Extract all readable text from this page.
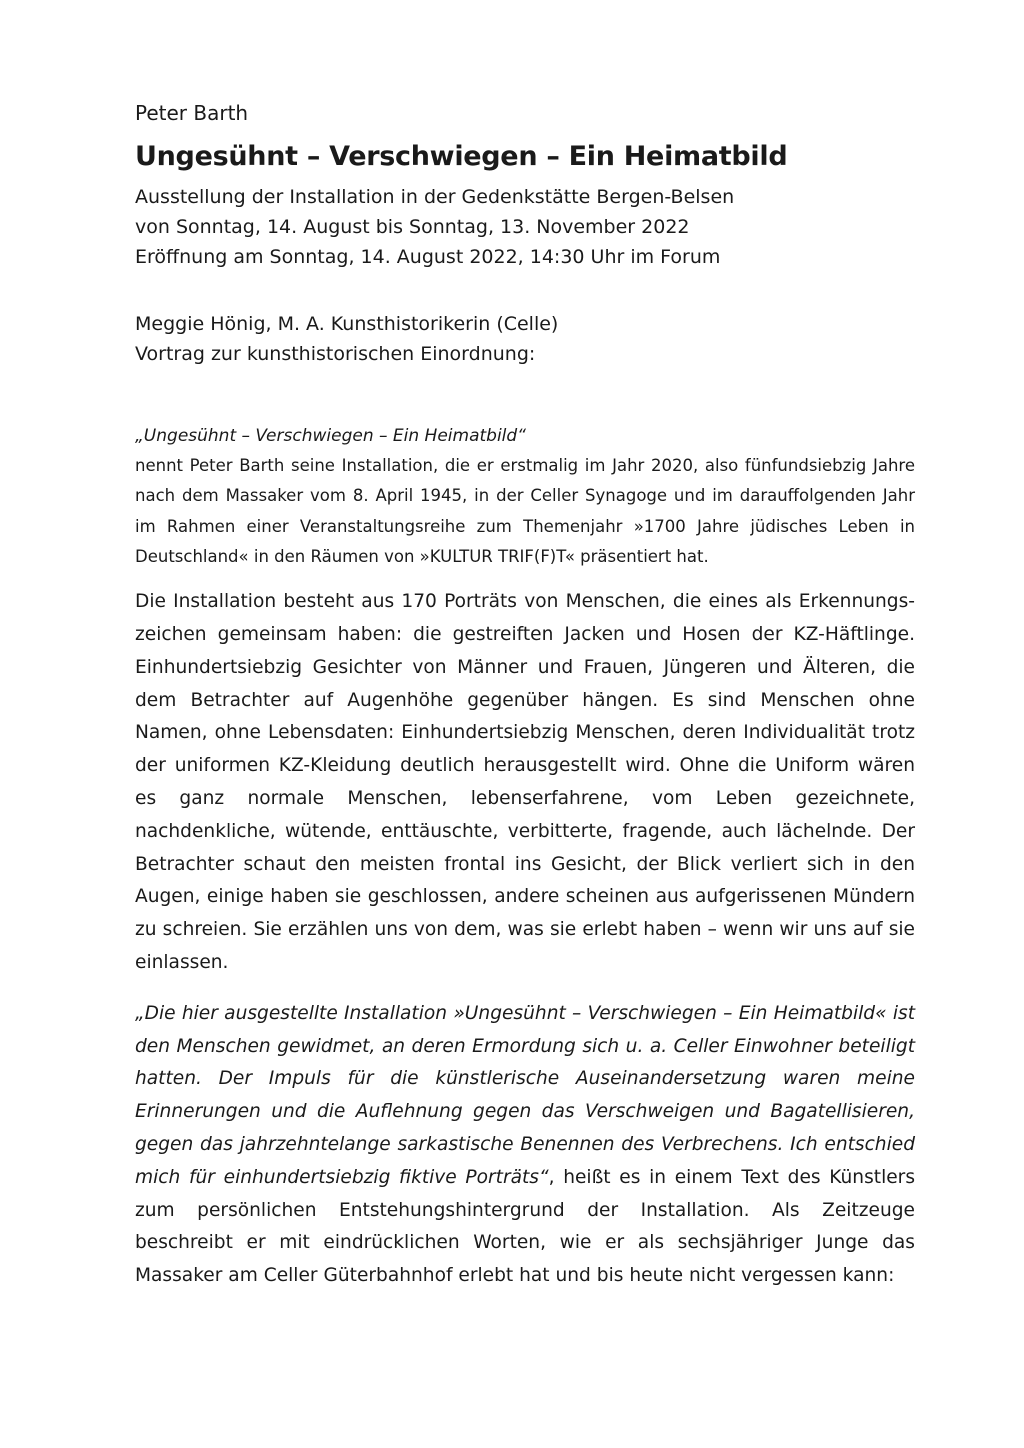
Peter Barth
Ungesühnt – Verschwiegen – Ein Heimatbild
Ausstellung der Installation in der Gedenkstätte Bergen-Belsen
von Sonntag, 14. August bis Sonntag, 13. November 2022
Eröffnung am Sonntag, 14. August 2022, 14:30 Uhr im Forum
Meggie Hönig, M. A. Kunsthistorikerin (Celle)
Vortrag zur kunsthistorischen Einordnung:
„Ungesühnt – Verschwiegen – Ein Heimatbild“

nennt Peter Barth seine Installation, die er erstmalig im Jahr 2020, also fünfundsiebzig Jahre nach dem Massaker vom 8. April 1945, in der Celler Synagoge und im darauffolgenden Jahr im Rahmen einer Veranstaltungsreihe zum Themenjahr »1700 Jahre jüdisches Leben in Deutschland« in den Räumen von »KULTUR TRIF(F)T« präsentiert hat.

Die Installation besteht aus 170 Porträts von Menschen, die eines als Erkennungs-zeichen gemeinsam haben: die gestreiften Jacken und Hosen der KZ-Häftlinge. Einhundertsiebzig Gesichter von Männer und Frauen, Jüngeren und Älteren, die dem Betrachter auf Augenhöhe gegenüber hängen. Es sind Menschen ohne Namen, ohne Lebensdaten: Einhundertsiebzig Menschen, deren Individualität trotz der uniformen KZ-Kleidung deutlich herausgestellt wird. Ohne die Uniform wären es ganz normale Menschen, lebenserfahrene, vom Leben gezeichnete, nachdenkliche, wütende, enttäuschte, verbitterte, fragende, auch lächelnde. Der Betrachter schaut den meisten frontal ins Gesicht, der Blick verliert sich in den Augen, einige haben sie geschlossen, andere scheinen aus aufgerissenen Mündern zu schreien. Sie erzählen uns von dem, was sie erlebt haben – wenn wir uns auf sie einlassen.

„Die hier ausgestellte Installation »Ungesühnt – Verschwiegen – Ein Heimatbild« ist den Menschen gewidmet, an deren Ermordung sich u. a. Celler Einwohner beteiligt hatten. Der Impuls für die künstlerische Auseinandersetzung waren meine Erinnerungen und die Auflehnung gegen das Verschweigen und Bagatellisieren, gegen das jahrzehntelange sarkastische Benennen des Verbrechens. Ich entschied mich für einhundertsiebzig fiktive Porträts“, heißt es in einem Text des Künstlers zum persönlichen Entstehungshintergrund der Installation. Als Zeitzeuge beschreibt er mit eindrücklichen Worten, wie er als sechsjähriger Junge das Massaker am Celler Güterbahnhof erlebt hat und bis heute nicht vergessen kann:
